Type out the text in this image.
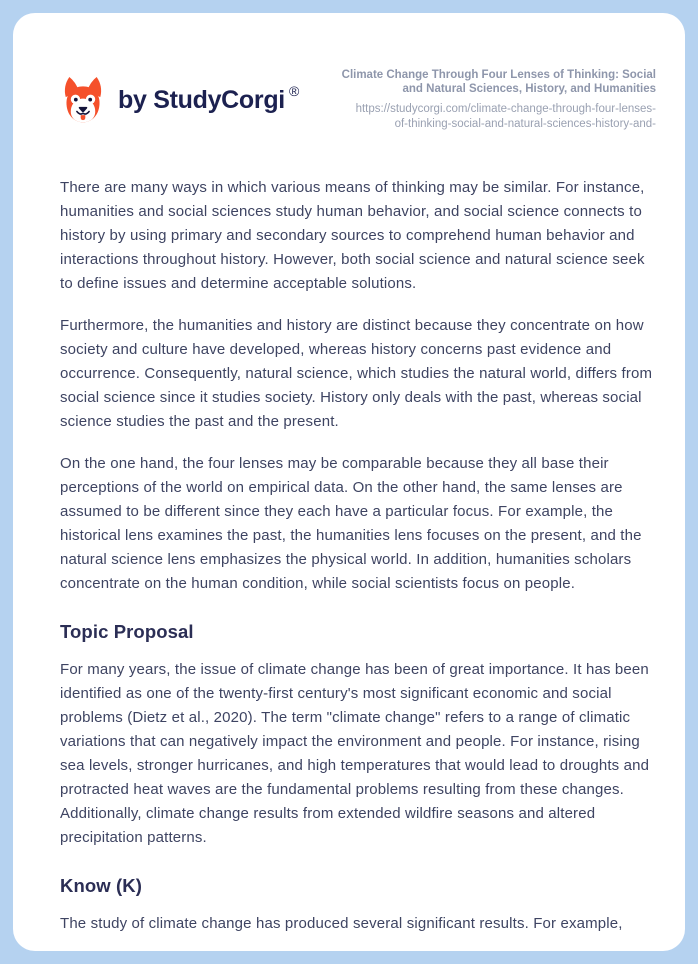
by StudyCorgi ®
Climate Change Through Four Lenses of Thinking: Social
and Natural Sciences, History, and Humanities
https://studycorgi.com/climate-change-through-four-lenses-
of-thinking-social-and-natural-sciences-history-and-

There are many ways in which various means of thinking may be similar. For instance, humanities and social sciences study human behavior, and social science connects to history by using primary and secondary sources to comprehend human behavior and interactions throughout history. However, both social science and natural science seek to define issues and determine acceptable solutions.

Furthermore, the humanities and history are distinct because they concentrate on how society and culture have developed, whereas history concerns past evidence and occurrence. Consequently, natural science, which studies the natural world, differs from social science since it studies society. History only deals with the past, whereas social science studies the past and the present.

On the one hand, the four lenses may be comparable because they all base their perceptions of the world on empirical data. On the other hand, the same lenses are assumed to be different since they each have a particular focus. For example, the historical lens examines the past, the humanities lens focuses on the present, and the natural science lens emphasizes the physical world. In addition, humanities scholars concentrate on the human condition, while social scientists focus on people.

Topic Proposal

For many years, the issue of climate change has been of great importance. It has been identified as one of the twenty-first century's most significant economic and social problems (Dietz et al., 2020). The term "climate change" refers to a range of climatic variations that can negatively impact the environment and people. For instance, rising sea levels, stronger hurricanes, and high temperatures that would lead to droughts and protracted heat waves are the fundamental problems resulting from these changes. Additionally, climate change results from extended wildfire seasons and altered precipitation patterns.

Know (K)

The study of climate change has produced several significant results. For example,
